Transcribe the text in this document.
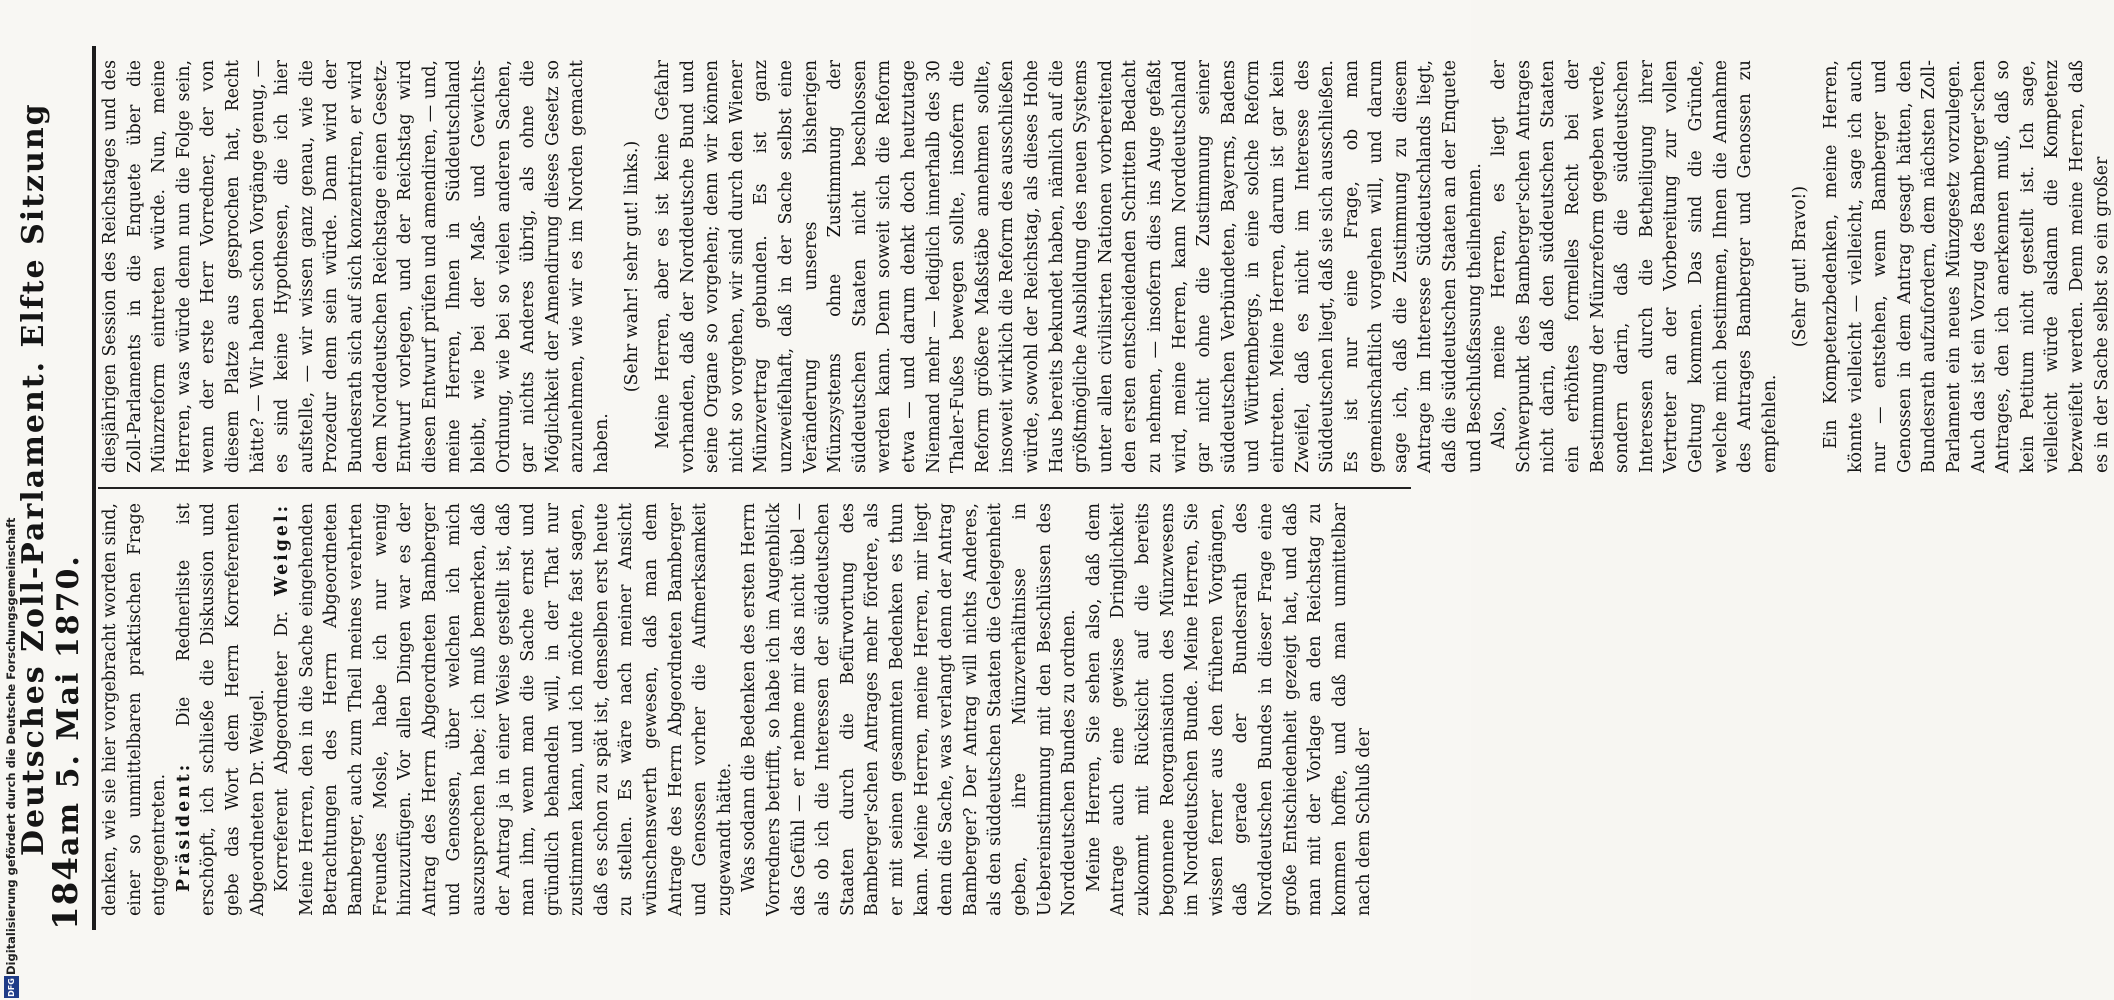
184
Deutsches Zoll-Parlament. Elfte Sitzung am 5. Mai 1870. denken, wie sie hier vorgebracht worden sind, einer so unmittelbaren praktischen Frage entgegentreten. Präsident: Die Rednerliste ist erschöpft, ich schließe die Diskussion und gebe das Wort dem Herrn Korreferenten Abgeordneten Dr. Weigel. Korreferent Abgeordneter Dr. Weigel: Meine Herren, den in die Sache eingehenden Betrachtungen des Herrn Abgeordneten Bamberger, auch zum Theil meines verehrten Freundes Mosle, habe ich nur wenig hinzuzufügen. Vor allen Dingen war es der Antrag des Herrn Abgeordneten Bamberger und Genossen, über welchen ich mich auszusprechen habe; ich muß bemerken, daß der Antrag ja in einer Weise gestellt ist, daß man ihm, wenn man die Sache ernst und gründlich behandeln will, in der That nur zustimmen kann, und ich möchte fast sagen, daß es schon zu spät ist, denselben erst heute zu stellen. Es wäre nach meiner Ansicht wünschenswerth gewesen, daß man dem Antrage des Herrn Abgeordneten Bamberger und Genossen vorher die Aufmerksamkeit zugewandt hätte. Was sodann die Bedenken des ersten Herrn Vorredners betrifft, so habe ich im Augenblick das Gefühl — er nehme mir das nicht übel — als ob ich die Interessen der süddeutschen Staaten durch die Befürwortung des Bamberger'schen Antrages mehr fördere, als er mit seinen gesammten Bedenken es thun kann. Meine Herren, meine Herren, mir liegt denn die Sache, was verlangt denn der Antrag Bamberger? Der Antrag will nichts Anderes, als den süddeutschen Staaten die Gelegenheit geben, ihre Münzverhältnisse in Uebereinstimmung mit den Beschlüssen des Norddeutschen Bundes zu ordnen. Meine Herren, Sie sehen also, daß dem Antrage auch eine gewisse Dringlichkeit zukommt mit Rücksicht auf die bereits begonnene Reorganisation des Münzwesens im Norddeutschen Bunde. Meine Herren, Sie wissen ferner aus den früheren Vorgängen, daß gerade der Bundesrath des Norddeutschen Bundes in dieser Frage eine große Entschiedenheit gezeigt hat, und daß man mit der Vorlage an den Reichstag zu kommen hoffte, und daß man unmittelbar nach dem Schluß der

diesjährigen Session des Reichstages und des Zoll-Parlaments in die Enquete über die Münzreform eintreten würde. Nun, meine Herren, was würde denn nun die Folge sein, wenn der erste Herr Vorredner, der von diesem Platze aus gesprochen hat, Recht hätte? — Wir haben schon Vorgänge genug, — es sind keine Hypothesen, die ich hier aufstelle, — wir wissen ganz genau, wie die Prozedur denn sein würde. Dann wird der Bundesrath sich auf sich konzentriren, er wird dem Norddeutschen Reichstage einen Gesetz-Entwurf vorlegen, und der Reichstag wird diesen Entwurf prüfen und amendiren, — und, meine Herren, Ihnen in Süddeutschland bleibt, wie bei der Maß- und Gewichts-Ordnung, wie bei so vielen anderen Sachen, gar nichts Anderes übrig, als ohne die Möglichkeit der Amendirung dieses Gesetz so anzunehmen, wie wir es im Norden gemacht haben.

(Sehr wahr! sehr gut! links.) Meine Herren, aber es ist keine Gefahr vorhanden, daß der Norddeutsche Bund und seine Organe so vorgehen; denn wir können nicht so vorgehen, wir sind durch den Wiener Münzvertrag gebunden. Es ist ganz unzweifelhaft, daß in der Sache selbst eine Veränderung unseres bisherigen Münzsystems ohne Zustimmung der süddeutschen Staaten nicht beschlossen werden kann. Denn soweit sich die Reform etwa — und darum denkt doch heutzutage Niemand mehr — lediglich innerhalb des 30 Thaler-Fußes bewegen sollte, insofern die Reform größere Maßstäbe annehmen sollte, insoweit wirklich die Reform des ausschließen würde, sowohl der Reichstag, als dieses Hohe Haus bereits bekundet haben, nämlich auf die größtmögliche Ausbildung des neuen Systems unter allen civilisirten Nationen vorbereitend den ersten entscheidenden Schritten Bedacht zu nehmen, — insofern dies ins Auge gefaßt wird, meine Herren, kann Norddeutschland gar nicht ohne die Zustimmung seiner süddeutschen Verbündeten, Bayerns, Badens und Württembergs, in eine solche Reform eintreten. Meine Herren, darum ist gar kein Zweifel, daß es nicht im Interesse des Süddeutschen liegt, daß sie sich ausschließen. Es ist nur eine Frage, ob man gemeinschaftlich vorgehen will, und darum sage ich, daß die Zustimmung zu diesem Antrage im Interesse Süddeutschlands liegt, daß die süddeutschen Staaten an der Enquete und Beschlußfassung theilnehmen. Also, meine Herren, es liegt der Schwerpunkt des Bamberger'schen Antrages nicht darin, daß den süddeutschen Staaten ein erhöhtes formelles Recht bei der Bestimmung der Münzreform gegeben werde, sondern darin, daß die süddeutschen Interessen durch die Betheiligung ihrer Vertreter an der Vorbereitung zur vollen Geltung kommen. Das sind die Gründe, welche mich bestimmen, Ihnen die Annahme des Antrages Bamberger und Genossen zu empfehlen.

(Sehr gut! Bravo!) Ein Kompetenzbedenken, meine Herren, könnte vielleicht — vielleicht, sage ich auch nur — entstehen, wenn Bamberger und Genossen in dem Antrag gesagt hätten, den Bundesrath aufzufordern, dem nächsten Zoll-Parlament ein neues Münzgesetz vorzulegen. Auch das ist ein Vorzug des Bamberger'schen Antrages, den ich anerkennen muß, daß so kein Petitum nicht gestellt ist. Ich sage, vielleicht würde alsdann die Kompetenz bezweifelt werden. Denn meine Herren, daß es in der Sache selbst so ein großer

Digitalisierung gefördert durch die Deutsche Forschungsgemeinschaft
DFG
